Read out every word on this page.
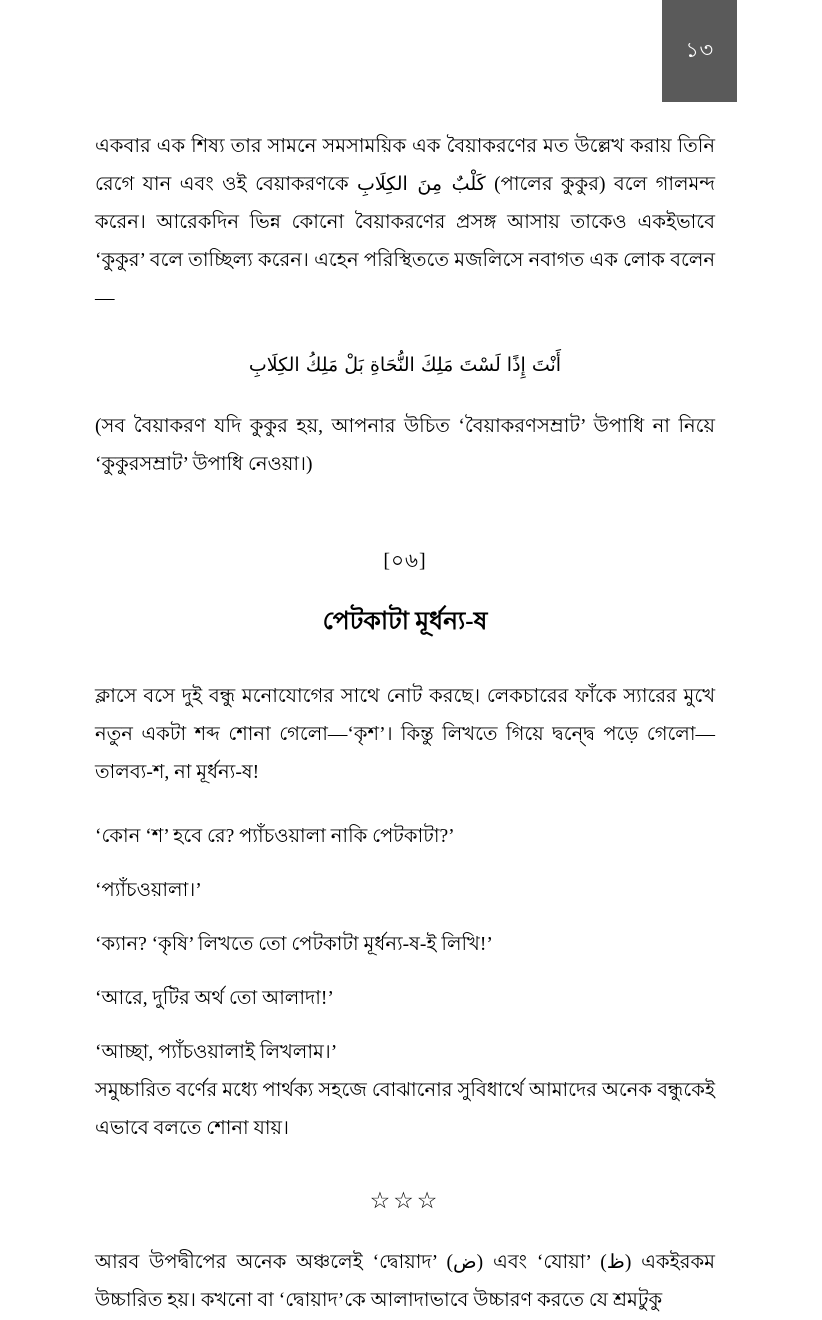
১৩

একবার এক শিষ্য তার সামনে সমসাময়িক এক বৈয়াকরণের মত উল্লেখ করায় তিনি রেগে যান এবং ওই বেয়াকরণকে كَلْبٌ مِنَ الكِلَابِ (পালের কুকুর) বলে গালমন্দ করেন। আরেকদিন ভিন্ন কোনো বৈয়াকরণের প্রসঙ্গ আসায় তাকেও একইভাবে ‘কুকুর’ বলে তাচ্ছিল্য করেন। এহেন পরিস্থিততে মজলিসে নবাগত এক লোক বলেন—

أَنْتَ إِذًا لَسْتَ مَلِكَ النُّحَاةِ بَلْ مَلِكُ الكِلَابِ

(সব বৈয়াকরণ যদি কুকুর হয়, আপনার উচিত ‘বৈয়াকরণসম্রাট’ উপাধি না নিয়ে ‘কুকুরসম্রাট’ উপাধি নেওয়া।)

[০৬]
পেটকাটা মূর্ধন্য-ষ

ক্লাসে বসে দুই বন্ধু মনোযোগের সাথে নোট করছে। লেকচারের ফাঁকে স্যারের মুখে নতুন একটা শব্দ শোনা গেলো—‘কৃশ’। কিন্তু লিখতে গিয়ে দ্বন্দ্বে পড়ে গেলো—তালব্য-শ, না মূর্ধন্য-ষ!

‘কোন ‘শ’ হবে রে? প্যাঁচওয়ালা নাকি পেটকাটা?’

‘প্যাঁচওয়ালা।’

‘ক্যান? ‘কৃষি’ লিখতে তো পেটকাটা মূর্ধন্য-ষ-ই লিখি!’

‘আরে, দুটির অর্থ তো আলাদা!’

‘আচ্ছা, প্যাঁচওয়ালাই লিখলাম।’

সমুচ্চারিত বর্ণের মধ্যে পার্থক্য সহজে বোঝানোর সুবিধার্থে আমাদের অনেক বন্ধুকেই এভাবে বলতে শোনা যায়।

☆☆☆

আরব উপদ্বীপের অনেক অঞ্চলেই ‘দ্বোয়াদ’ (ض) এবং ‘যোয়া’ (ظ) একইরকম উচ্চারিত হয়। কখনো বা ‘দ্বোয়াদ’কে আলাদাভাবে উচ্চারণ করতে যে শ্রমটুকু
